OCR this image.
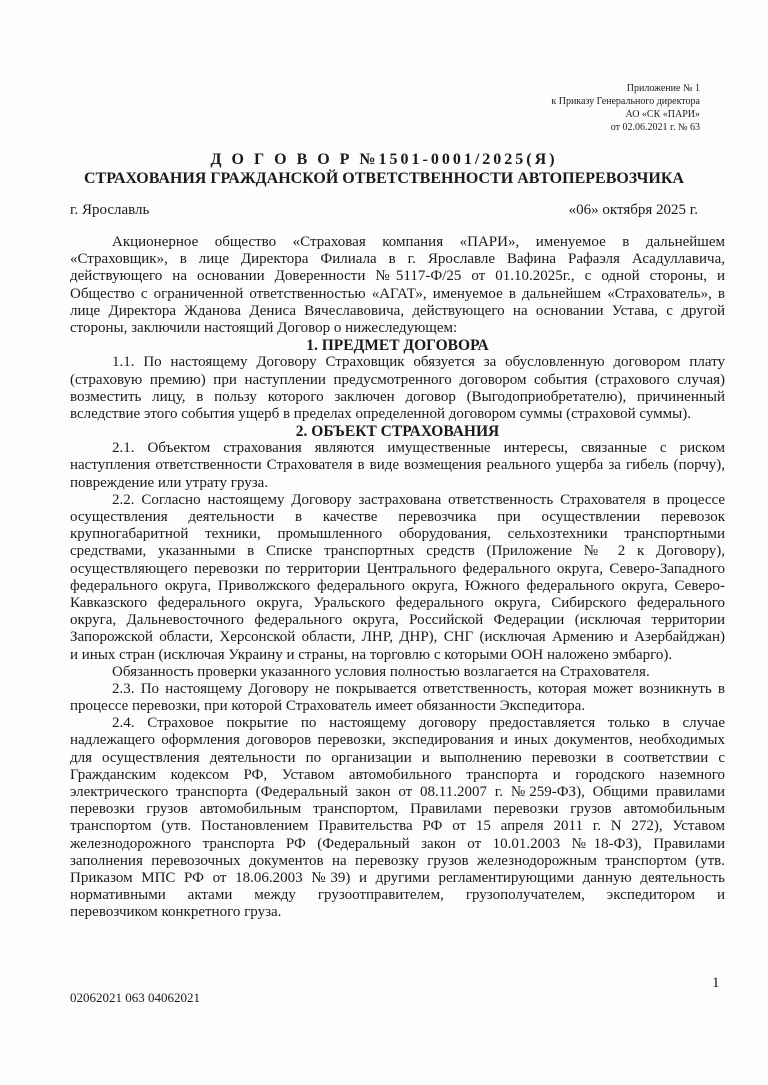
Приложение № 1
к Приказу Генерального директора
АО «СК «ПАРИ»
от 02.06.2021 г. № 63
Д О Г О В О Р №1501-0001/2025(Я)
СТРАХОВАНИЯ ГРАЖДАНСКОЙ ОТВЕТСТВЕННОСТИ АВТОПЕРЕВОЗЧИКА
г. Ярославль	«06» октября 2025 г.
Акционерное общество «Страховая компания «ПАРИ», именуемое в дальнейшем
«Страховщик», в лице Директора Филиала в г. Ярославле Вафина Рафаэля Асадуллавича,
действующего на основании Доверенности №5117-Ф/25 от 01.10.2025г., с одной стороны, и
Общество с ограниченной ответственностью «АГАТ», именуемое в дальнейшем «Страхователь», в
лице Директора Жданова Дениса Вячеславовича, действующего на основании Устава, с другой
стороны, заключили настоящий Договор о нижеследующем:
1. ПРЕДМЕТ ДОГОВОРА
1.1. По настоящему Договору Страховщик обязуется за обусловленную договором плату
(страховую премию) при наступлении предусмотренного договором события (страхового случая)
возместить лицу, в пользу которого заключен договор (Выгодоприобретателю), причиненный
вследствие этого события ущерб в пределах определенной договором суммы (страховой суммы).
2. ОБЪЕКТ СТРАХОВАНИЯ
2.1. Объектом страхования являются имущественные интересы, связанные с риском
наступления ответственности Страхователя в виде возмещения реального ущерба за гибель (порчу),
повреждение или утрату груза.
2.2. Согласно настоящему Договору застрахована ответственность Страхователя в процессе
осуществления деятельности в качестве перевозчика при осуществлении перевозок
крупногабаритной техники, промышленного оборудования, сельхозтехники транспортными
средствами, указанными в Списке транспортных средств (Приложение № 2 к Договору),
осуществляющего перевозки по территории Центрального федерального округа, Северо-Западного
федерального округа, Приволжского федерального округа, Южного федерального округа, Северо-
Кавказского федерального округа, Уральского федерального округа, Сибирского федерального
округа, Дальневосточного федерального округа, Российской Федерации (исключая территории
Запорожской области, Херсонской области, ЛНР, ДНР), СНГ (исключая Армению и Азербайджан)
и иных стран (исключая Украину и страны, на торговлю с которыми ООН наложено эмбарго).
Обязанность проверки указанного условия полностью возлагается на Страхователя.
2.3. По настоящему Договору не покрывается ответственность, которая может возникнуть в
процессе перевозки, при которой Страхователь имеет обязанности Экспедитора.
2.4. Страховое покрытие по настоящему договору предоставляется только в случае
надлежащего оформления договоров перевозки, экспедирования и иных документов, необходимых
для осуществления деятельности по организации и выполнению перевозки в соответствии с
Гражданским кодексом РФ, Уставом автомобильного транспорта и городского наземного
электрического транспорта (Федеральный закон от 08.11.2007 г. №259-ФЗ), Общими правилами
перевозки грузов автомобильным транспортом, Правилами перевозки грузов автомобильным
транспортом (утв. Постановлением Правительства РФ от 15 апреля 2011 г. N 272), Уставом
железнодорожного транспорта РФ (Федеральный закон от 10.01.2003 №18-ФЗ), Правилами
заполнения перевозочных документов на перевозку грузов железнодорожным транспортом (утв.
Приказом МПС РФ от 18.06.2003 №39) и другими регламентирующими данную деятельность
нормативными актами между грузоотправителем, грузополучателем, экспедитором и
перевозчиком конкретного груза.
1
02062021 063 04062021
